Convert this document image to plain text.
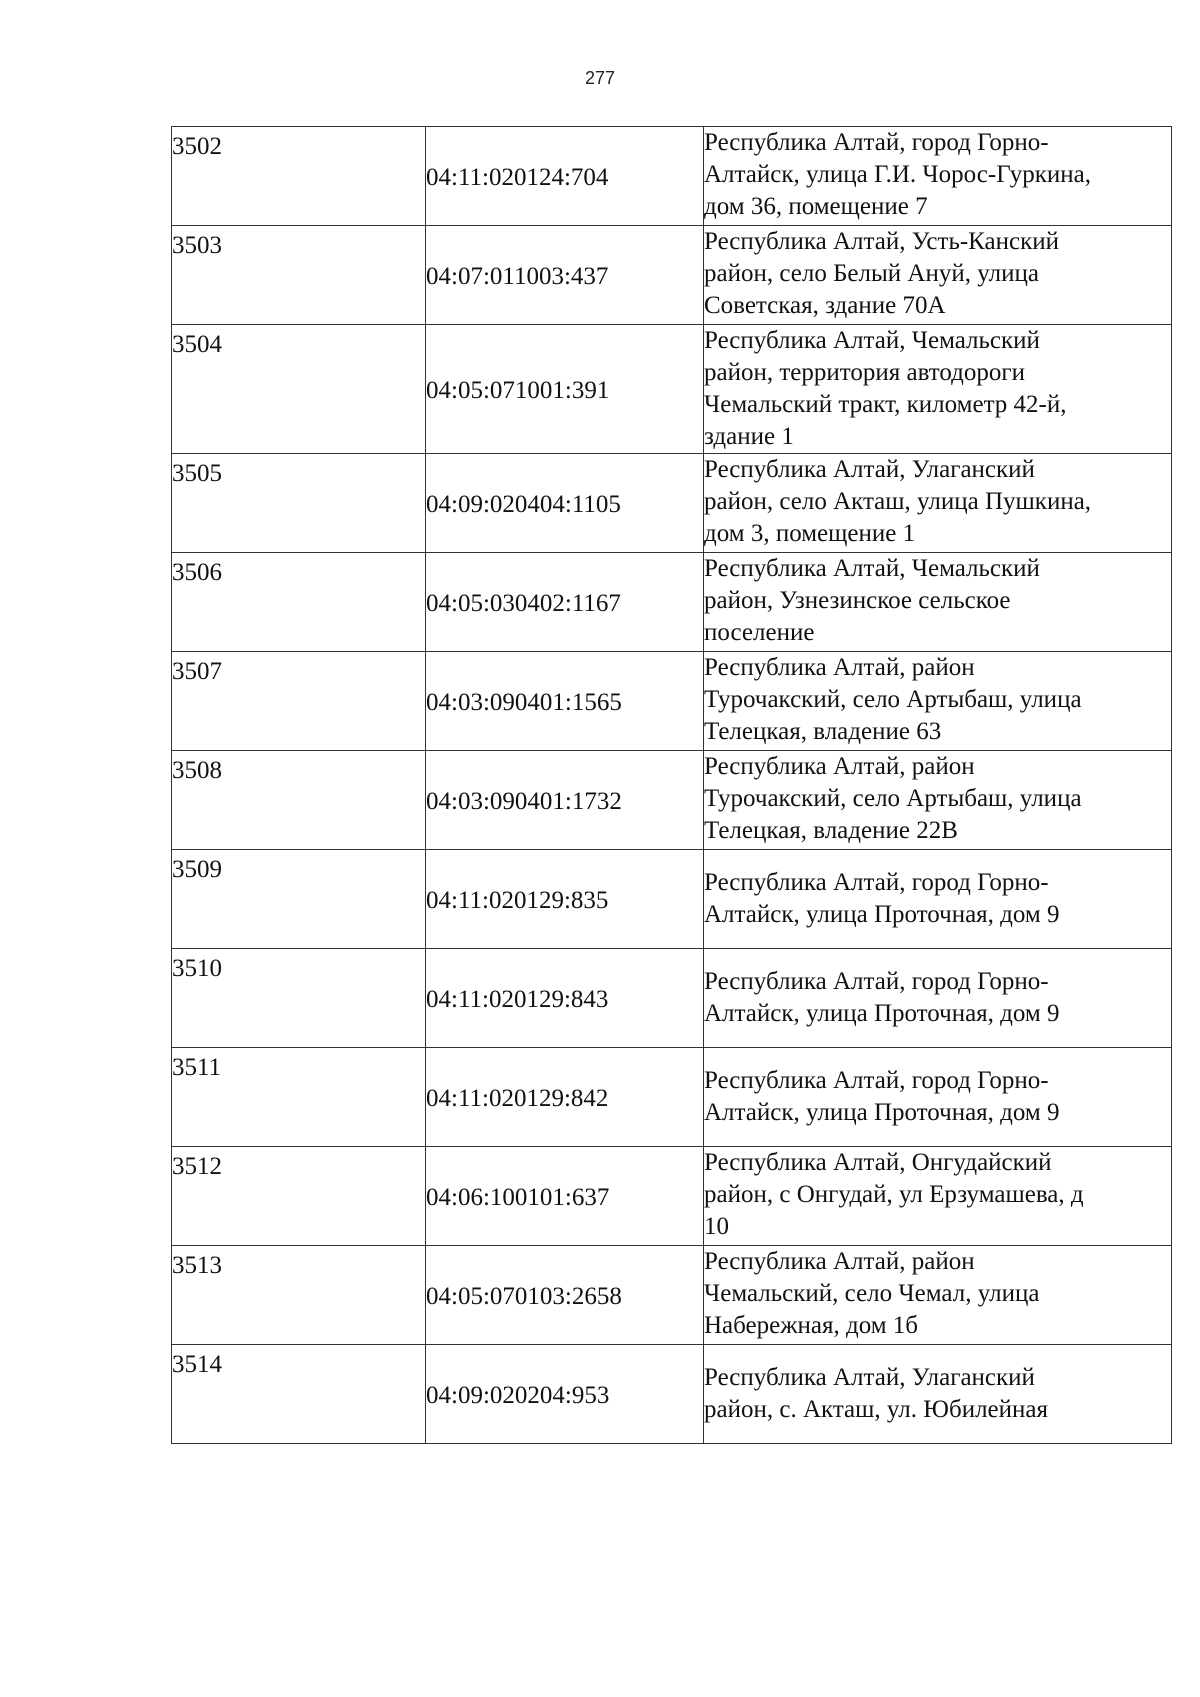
277
3502	04:11:020124:704	Республика Алтай, город Горно-
Алтайск, улица Г.И. Чорос-Гуркина,
дом 36, помещение 7

3503	04:07:011003:437	Республика Алтай, Усть-Канский
район, село Белый Ануй, улица
Советская, здание 70А

3504	04:05:071001:391	Республика Алтай, Чемальский
район, территория автодороги
Чемальский тракт, километр 42-й,
здание 1

3505	04:09:020404:1105	Республика Алтай, Улаганский
район, село Акташ, улица Пушкина,
дом 3, помещение 1

3506	04:05:030402:1167	Республика Алтай, Чемальский
район, Узнезинское сельское
поселение

3507	04:03:090401:1565	Республика Алтай, район
Турочакский, село Артыбаш, улица
Телецкая, владение 63

3508	04:03:090401:1732	Республика Алтай, район
Турочакский, село Артыбаш, улица
Телецкая, владение 22В

3509	04:11:020129:835	Республика Алтай, город Горно-
Алтайск, улица Проточная, дом 9

3510	04:11:020129:843	Республика Алтай, город Горно-
Алтайск, улица Проточная, дом 9

3511	04:11:020129:842	Республика Алтай, город Горно-
Алтайск, улица Проточная, дом 9

3512	04:06:100101:637	Республика Алтай, Онгудайский
район, с Онгудай, ул Ерзумашева, д
10

3513	04:05:070103:2658	Республика Алтай, район
Чемальский, село Чемал, улица
Набережная, дом 1б

3514	04:09:020204:953	Республика Алтай, Улаганский
район, с. Акташ, ул. Юбилейная
